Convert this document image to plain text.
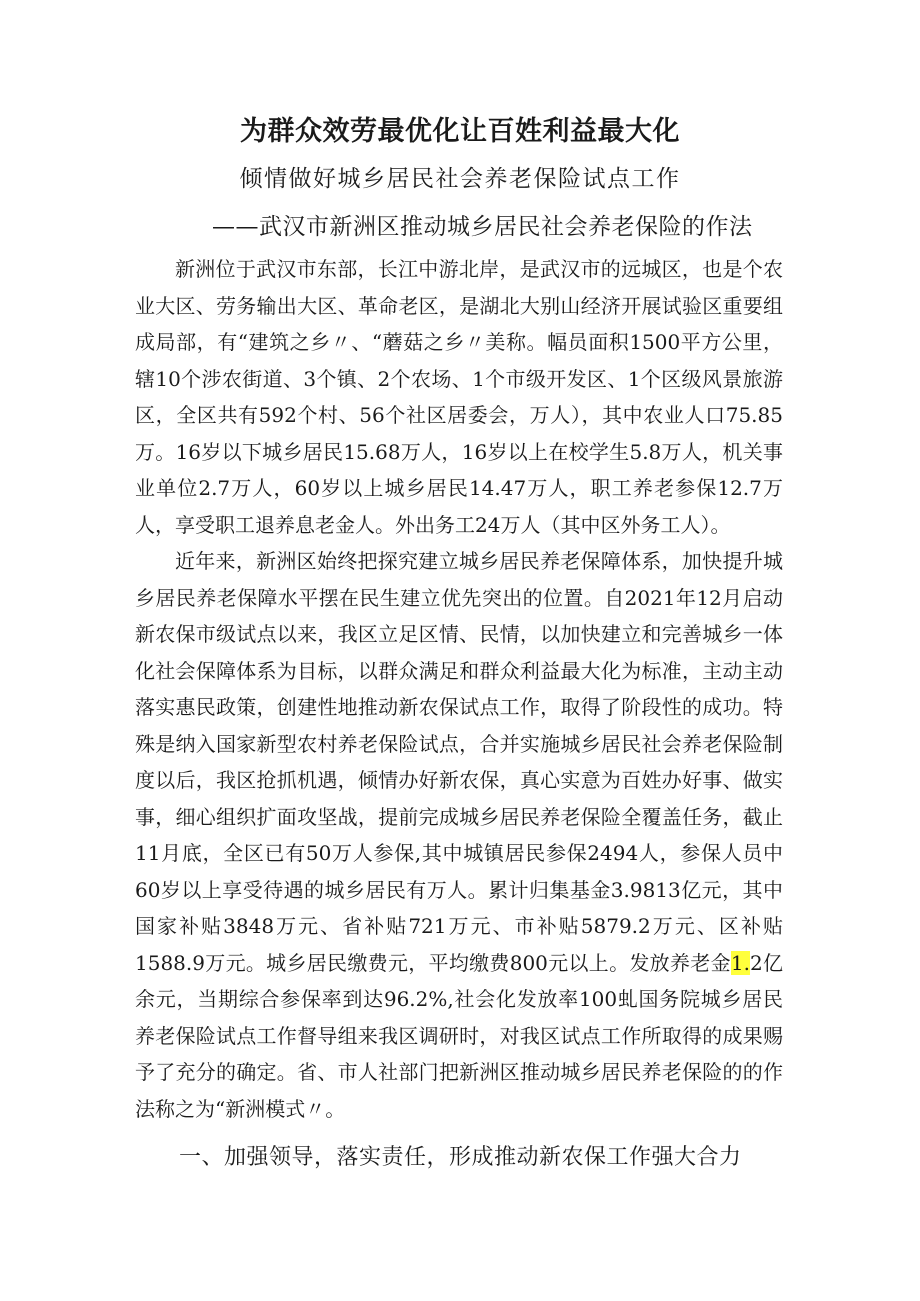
为群众效劳最优化让百姓利益最大化
倾情做好城乡居民社会养老保险试点工作
——武汉市新洲区推动城乡居民社会养老保险的作法

新洲位于武汉市东部，长江中游北岸，是武汉市的远城区，也是个农业大区、劳务输出大区、革命老区，是湖北大别山经济开展试验区重要组成局部，有“建筑之乡〃、“蘑菇之乡〃美称。幅员面积1500平方公里，辖10个涉农街道、3个镇、2个农场、1个市级开发区、1个区级风景旅游区，全区共有592个村、56个社区居委会，万人），其中农业人口75.85万。16岁以下城乡居民15.68万人，16岁以上在校学生5.8万人，机关事业单位2.7万人，60岁以上城乡居民14.47万人，职工养老参保12.7万人，享受职工退养息老金人。外出务工24万人（其中区外务工人）。

近年来，新洲区始终把探究建立城乡居民养老保障体系，加快提升城乡居民养老保障水平摆在民生建立优先突出的位置。自2021年12月启动新农保市级试点以来，我区立足区情、民情，以加快建立和完善城乡一体化社会保障体系为目标，以群众满足和群众利益最大化为标准，主动主动落实惠民政策，创建性地推动新农保试点工作，取得了阶段性的成功。特殊是纳入国家新型农村养老保险试点，合并实施城乡居民社会养老保险制度以后，我区抢抓机遇，倾情办好新农保，真心实意为百姓办好事、做实事，细心组织扩面攻坚战，提前完成城乡居民养老保险全覆盖任务，截止11月底，全区已有50万人参保,其中城镇居民参保2494人，参保人员中60岁以上享受待遇的城乡居民有万人。累计归集基金3.9813亿元，其中国家补贴3848万元、省补贴721万元、市补贴5879.2万元、区补贴1588.9万元。城乡居民缴费元，平均缴费800元以上。发放养老金1.2亿余元，当期综合参保率到达96.2%,社会化发放率100虬国务院城乡居民养老保险试点工作督导组来我区调研时，对我区试点工作所取得的成果赐予了充分的确定。省、市人社部门把新洲区推动城乡居民养老保险的的作法称之为“新洲模式〃。

一、加强领导，落实责任，形成推动新农保工作强大合力
